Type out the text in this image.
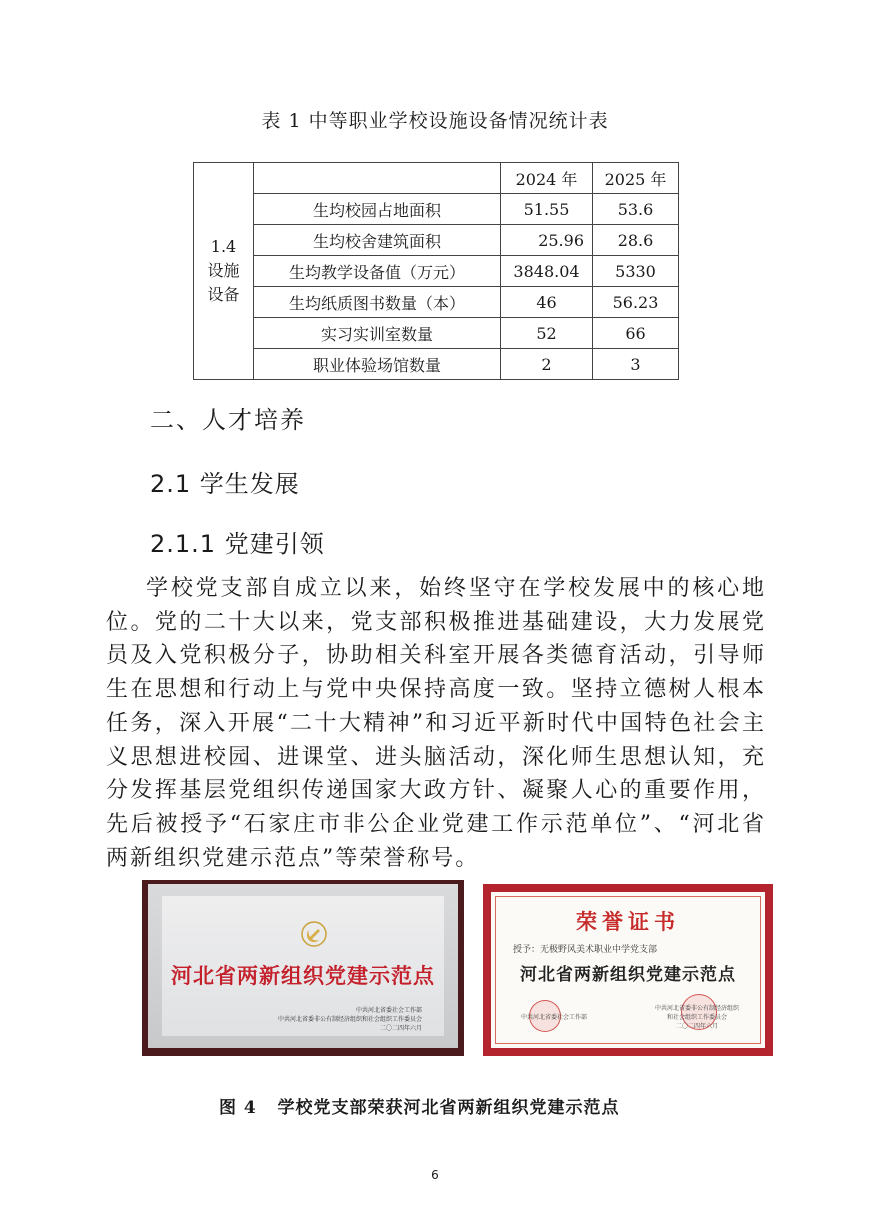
表 1 中等职业学校设施设备情况统计表
1.4
设施
设备		2024 年	2025 年
	生均校园占地面积	51.55	53.6
	生均校舍建筑面积	25.96	28.6
	生均教学设备值（万元）	3848.04	5330
	生均纸质图书数量（本）	46	56.23
	实习实训室数量	52	66
	职业体验场馆数量	2	3
二、人才培养
2.1 学生发展
2.1.1 党建引领
学校党支部自成立以来，始终坚守在学校发展中的核心地位。党的二十大以来，党支部积极推进基础建设，大力发展党员及入党积极分子，协助相关科室开展各类德育活动，引导师生在思想和行动上与党中央保持高度一致。坚持立德树人根本任务，深入开展“二十大精神”和习近平新时代中国特色社会主义思想进校园、进课堂、进头脑活动，深化师生思想认知，充分发挥基层党组织传递国家大政方针、凝聚人心的重要作用，先后被授予“石家庄市非公企业党建工作示范单位”、“河北省两新组织党建示范点”等荣誉称号。
河北省两新组织党建示范点
中共河北省委社会工作部
中共河北省委非公有制经济组织和社会组织工作委员会
二〇二四年六月
荣誉证书
授予：无极野风美术职业中学党支部
河北省两新组织党建示范点
中共河北省委社会工作部
中共河北省委非公有制经济组织
和社会组织工作委员会
二〇二四年六月
图 4   学校党支部荣获河北省两新组织党建示范点
6
